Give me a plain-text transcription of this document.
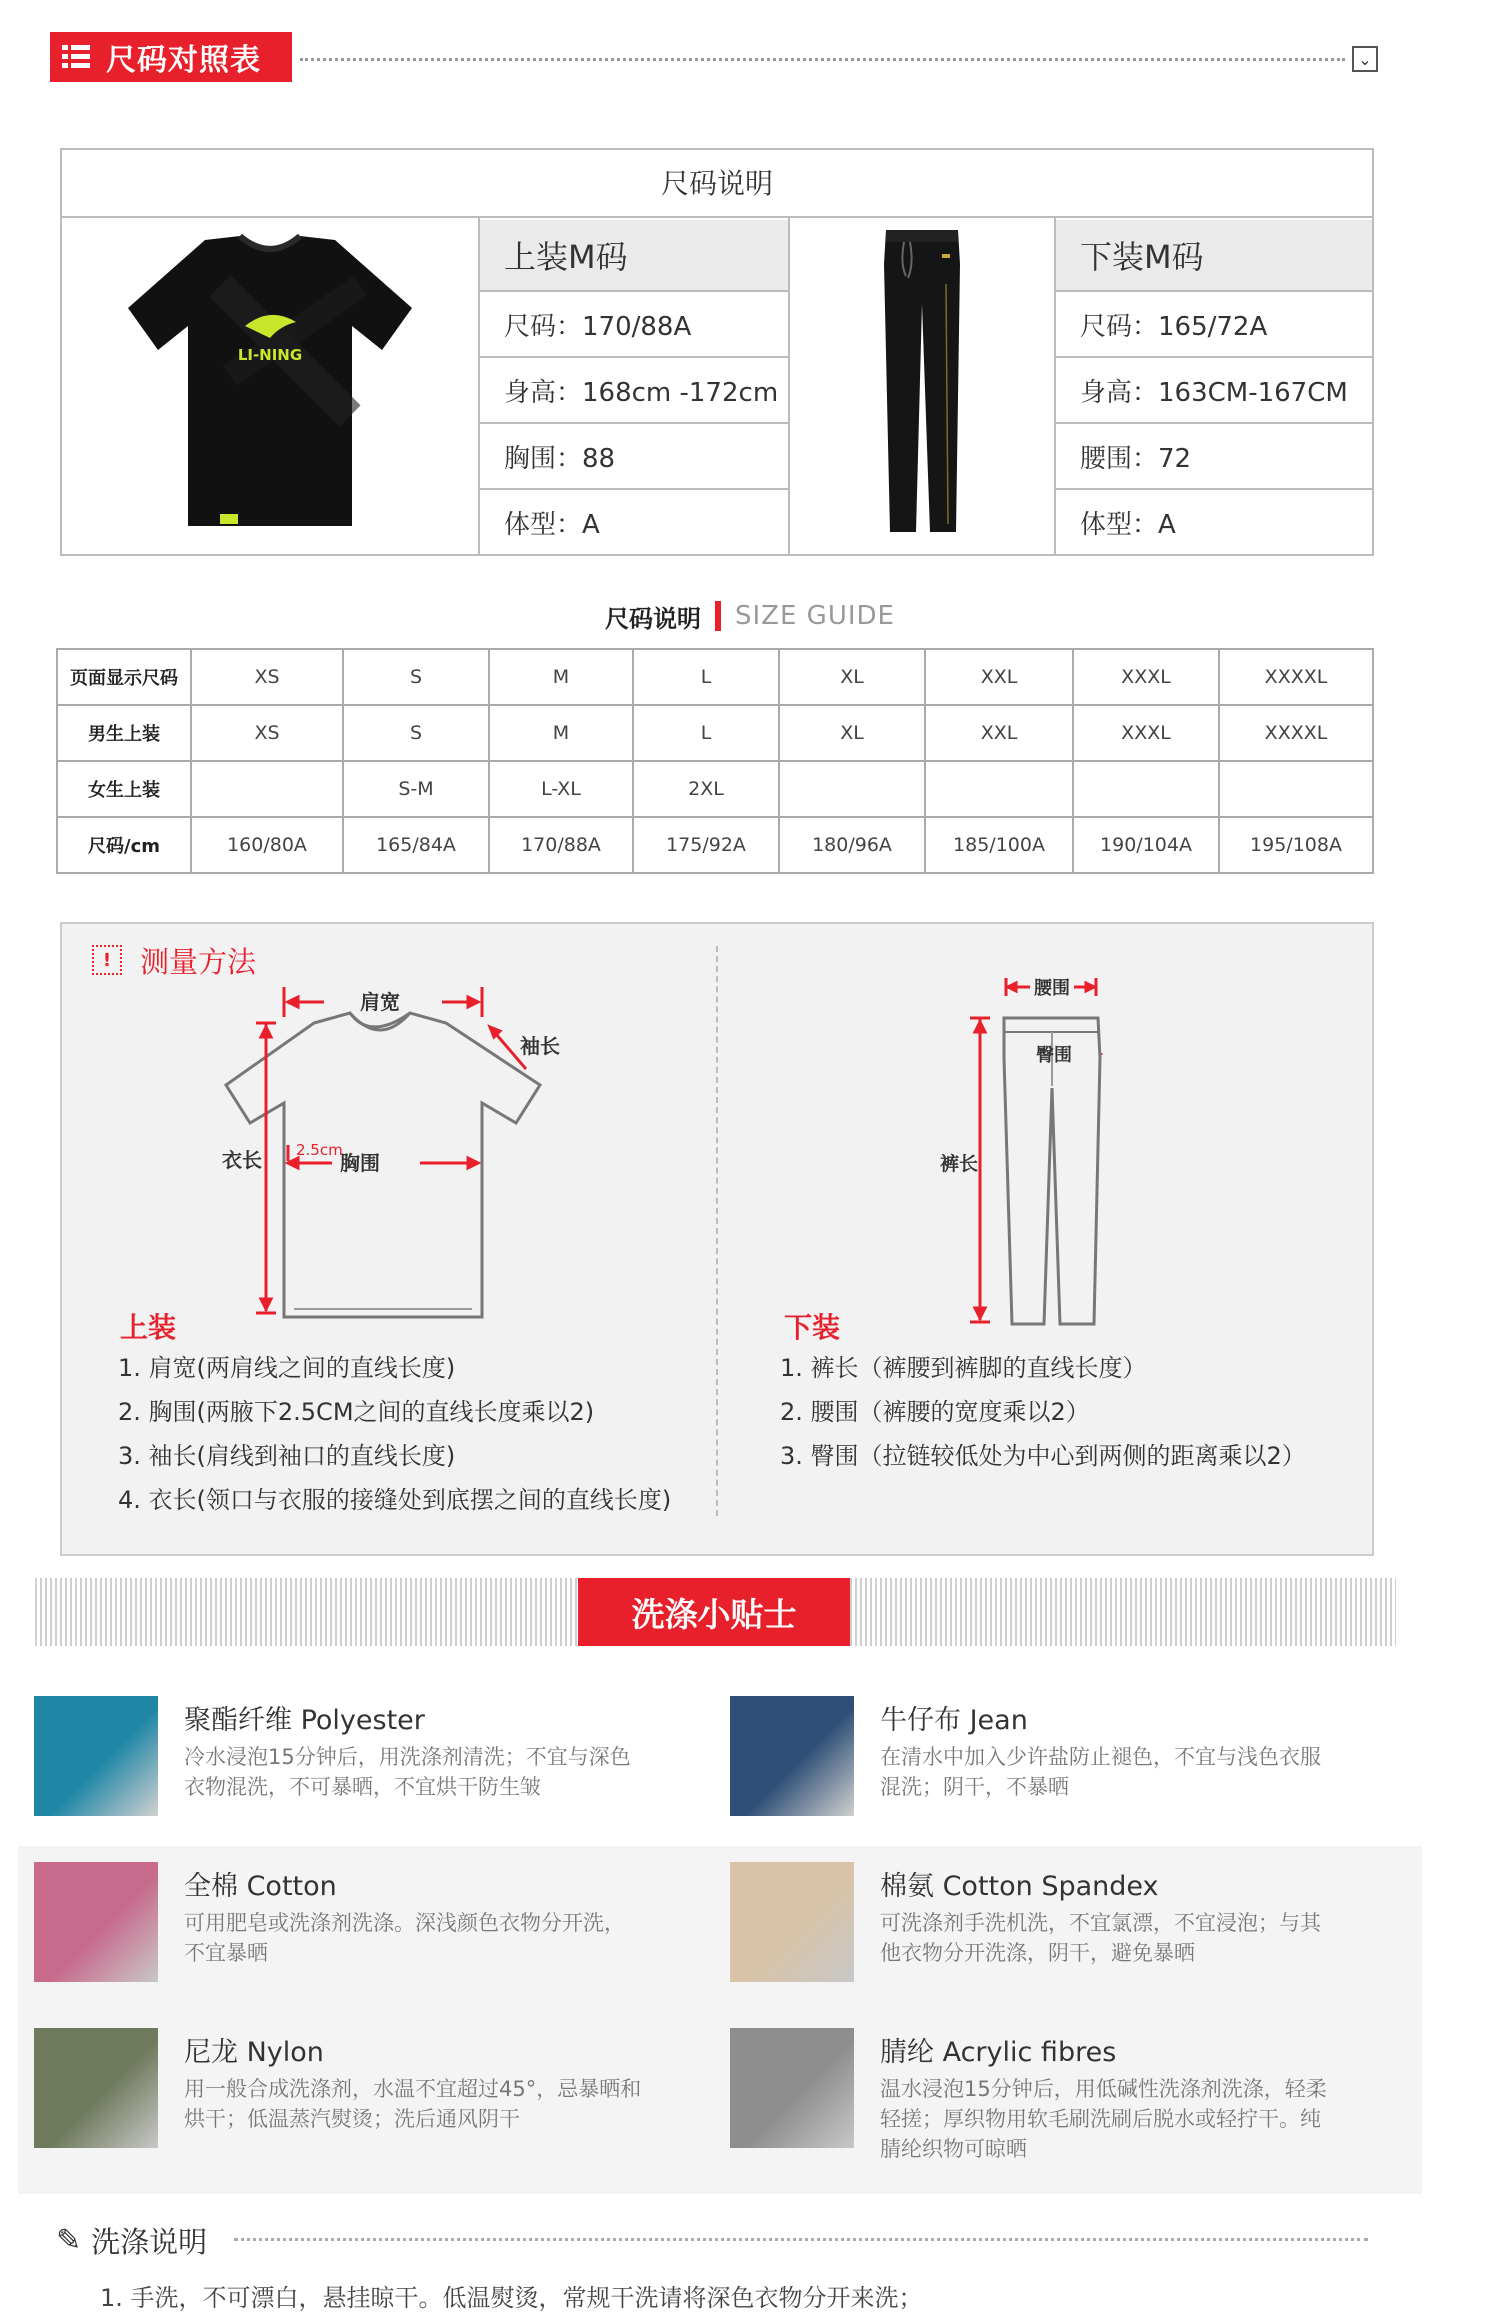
尺码对照表	⌄
尺码说明
LI-NING
上装M码
尺码：170/88A
身高：168cm -172cm
胸围：88
体型：A
下装M码
尺码：165/72A
身高：163CM-167CM
腰围：72
体型：A
尺码说明 SIZE GUIDE
页面显示尺码	XS	S	M	L	XL	XXL	XXXL	XXXXL
男生上装	XS	S	M	L	XL	XXL	XXXL	XXXXL
女生上装		S-M	L-XL	2XL				
尺码/cm	160/80A	165/84A	170/88A	175/92A	180/96A	185/100A	190/104A	195/108A
! 测量方法
肩宽
袖长
衣长 2.5cm
胸围
上装
1. 肩宽(两肩线之间的直线长度)
2. 胸围(两腋下2.5CM之间的直线长度乘以2)
3. 袖长(肩线到袖口的直线长度)
4. 衣长(领口与衣服的接缝处到底摆之间的直线长度)
腰围
臀围
裤长
下装
1. 裤长（裤腰到裤脚的直线长度）
2. 腰围（裤腰的宽度乘以2）
3. 臀围（拉链较低处为中心到两侧的距离乘以2）
洗涤小贴士
聚酯纤维 Polyester
冷水浸泡15分钟后，用洗涤剂清洗；不宜与深色
衣物混洗，不可暴晒，不宜烘干防生皱
牛仔布 Jean
在清水中加入少许盐防止褪色，不宜与浅色衣服
混洗；阴干，不暴晒
全棉 Cotton
可用肥皂或洗涤剂洗涤。深浅颜色衣物分开洗，
不宜暴晒
棉氨 Cotton Spandex
可洗涤剂手洗机洗，不宜氯漂，不宜浸泡；与其
他衣物分开洗涤，阴干，避免暴晒
尼龙 Nylon
用一般合成洗涤剂，水温不宜超过45°，忌暴晒和
烘干；低温蒸汽熨烫；洗后通风阴干
腈纶 Acrylic fibres
温水浸泡15分钟后，用低碱性洗涤剂洗涤，轻柔
轻搓；厚织物用软毛刷洗刷后脱水或轻拧干。纯
腈纶织物可晾晒
✎ 洗涤说明
1. 手洗，不可漂白，悬挂晾干。低温熨烫，常规干洗请将深色衣物分开来洗；
